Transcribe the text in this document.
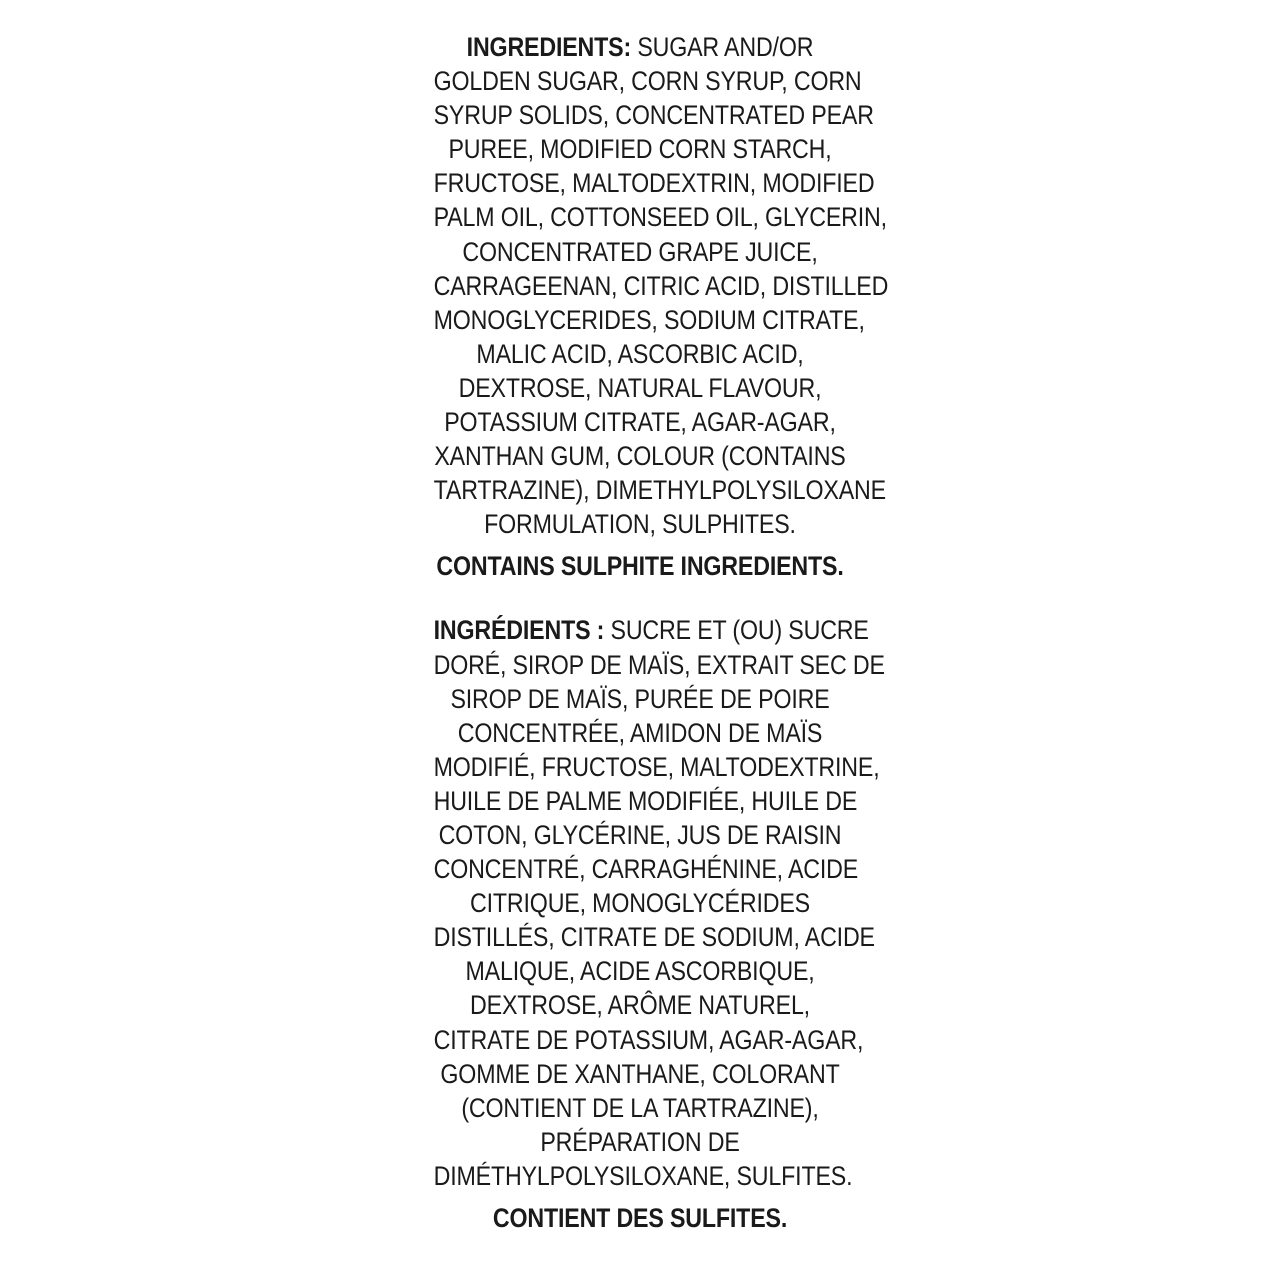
INGREDIENTS: SUGAR AND/OR
GOLDEN SUGAR, CORN SYRUP, CORN
SYRUP SOLIDS, CONCENTRATED PEAR
PUREE, MODIFIED CORN STARCH,
FRUCTOSE, MALTODEXTRIN, MODIFIED
PALM OIL, COTTONSEED OIL, GLYCERIN,
CONCENTRATED GRAPE JUICE,
CARRAGEENAN, CITRIC ACID, DISTILLED
MONOGLYCERIDES, SODIUM CITRATE,
MALIC ACID, ASCORBIC ACID,
DEXTROSE, NATURAL FLAVOUR,
POTASSIUM CITRATE, AGAR-AGAR,
XANTHAN GUM, COLOUR (CONTAINS
TARTRAZINE), DIMETHYLPOLYSILOXANE
FORMULATION, SULPHITES.
CONTAINS SULPHITE INGREDIENTS.
INGRÉDIENTS : SUCRE ET (OU) SUCRE
DORÉ, SIROP DE MAÏS, EXTRAIT SEC DE
SIROP DE MAÏS, PURÉE DE POIRE
CONCENTRÉE, AMIDON DE MAÏS
MODIFIÉ, FRUCTOSE, MALTODEXTRINE,
HUILE DE PALME MODIFIÉE, HUILE DE
COTON, GLYCÉRINE, JUS DE RAISIN
CONCENTRÉ, CARRAGHÉNINE, ACIDE
CITRIQUE, MONOGLYCÉRIDES
DISTILLÉS, CITRATE DE SODIUM, ACIDE
MALIQUE, ACIDE ASCORBIQUE,
DEXTROSE, ARÔME NATUREL,
CITRATE DE POTASSIUM, AGAR-AGAR,
GOMME DE XANTHANE, COLORANT
(CONTIENT DE LA TARTRAZINE),
PRÉPARATION DE
DIMÉTHYLPOLYSILOXANE, SULFITES.
CONTIENT DES SULFITES.
